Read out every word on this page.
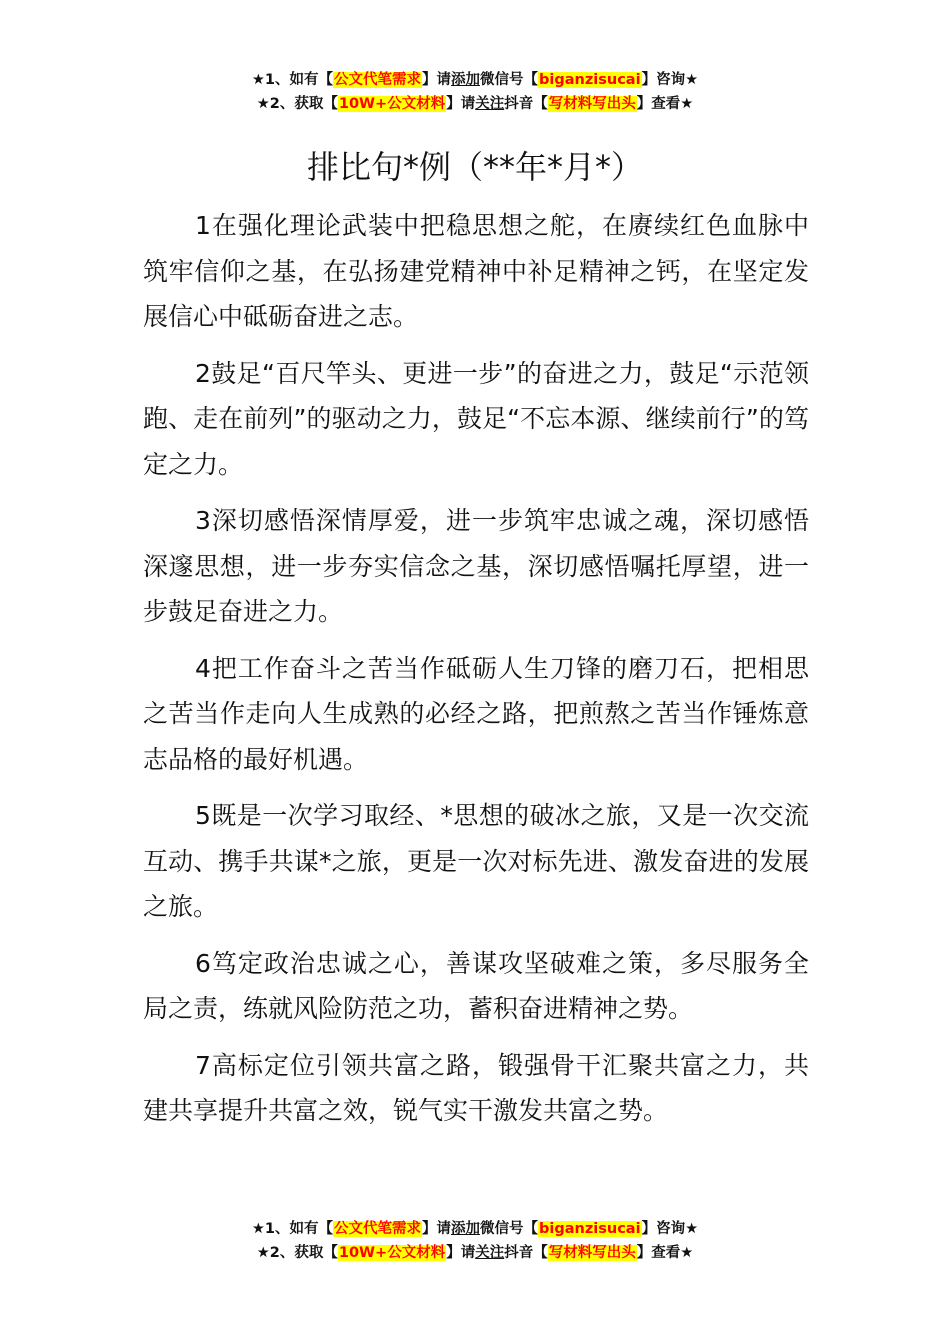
★1、如有【公文代笔需求】请添加微信号【biganzisucai】咨询★
★2、获取【10W+公文材料】请关注抖音【写材料写出头】查看★
排比句*例（**年*月*）

1在强化理论武装中把稳思想之舵，在赓续红色血脉中筑牢信仰之基，在弘扬建党精神中补足精神之钙，在坚定发展信心中砥砺奋进之志。

2鼓足“百尺竿头、更进一步”的奋进之力，鼓足“示范领跑、走在前列”的驱动之力，鼓足“不忘本源、继续前行”的笃定之力。

3深切感悟深情厚爱，进一步筑牢忠诚之魂，深切感悟深邃思想，进一步夯实信念之基，深切感悟嘱托厚望，进一步鼓足奋进之力。

4把工作奋斗之苦当作砥砺人生刀锋的磨刀石，把相思之苦当作走向人生成熟的必经之路，把煎熬之苦当作锤炼意志品格的最好机遇。

5既是一次学习取经、*思想的破冰之旅，又是一次交流互动、携手共谋*之旅，更是一次对标先进、激发奋进的发展之旅。

6笃定政治忠诚之心，善谋攻坚破难之策，多尽服务全局之责，练就风险防范之功，蓄积奋进精神之势。

7高标定位引领共富之路，锻强骨干汇聚共富之力，共建共享提升共富之效，锐气实干激发共富之势。

★1、如有【公文代笔需求】请添加微信号【biganzisucai】咨询★
★2、获取【10W+公文材料】请关注抖音【写材料写出头】查看★
